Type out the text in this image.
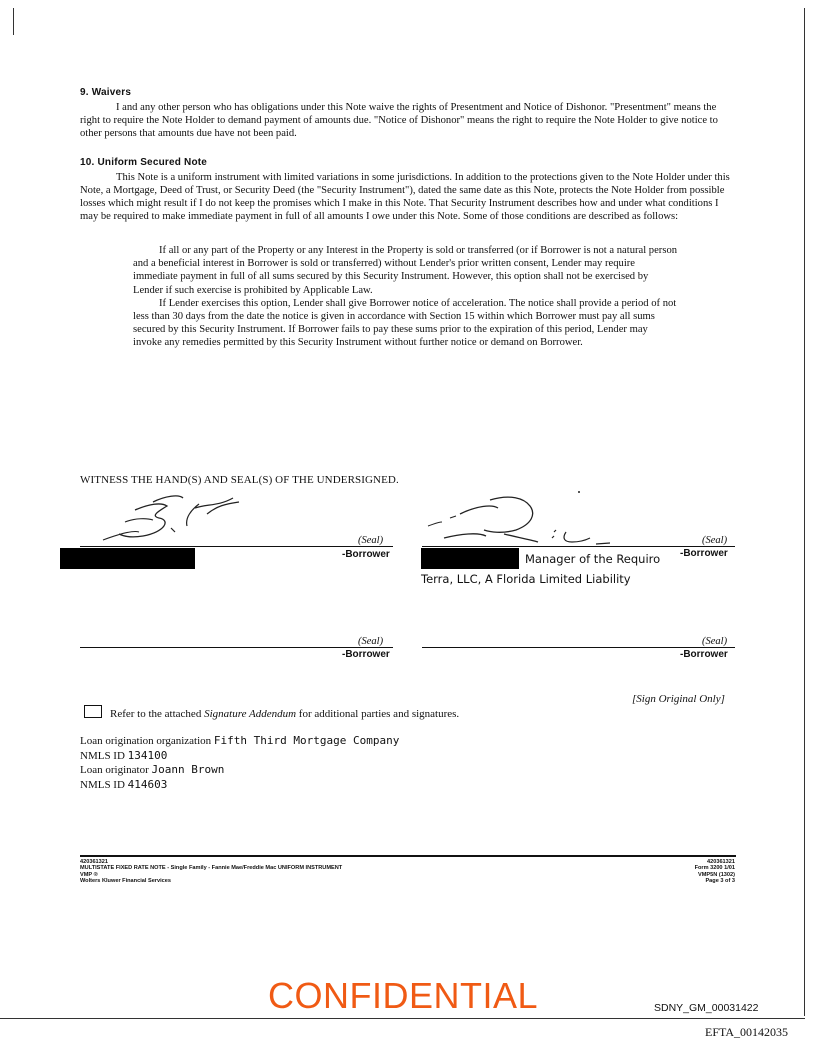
9. Waivers

I and any other person who has obligations under this Note waive the rights of Presentment and Notice of Dishonor. "Presentment" means the right to require the Note Holder to demand payment of amounts due. "Notice of Dishonor" means the right to require the Note Holder to give notice to other persons that amounts due have not been paid.

10. Uniform Secured Note

This Note is a uniform instrument with limited variations in some jurisdictions. In addition to the protections given to the Note Holder under this Note, a Mortgage, Deed of Trust, or Security Deed (the "Security Instrument"), dated the same date as this Note, protects the Note Holder from possible losses which might result if I do not keep the promises which I make in this Note. That Security Instrument describes how and under what conditions I may be required to make immediate payment in full of all amounts I owe under this Note. Some of those conditions are described as follows:

If all or any part of the Property or any Interest in the Property is sold or transferred (or if Borrower is not a natural person and a beneficial interest in Borrower is sold or transferred) without Lender's prior written consent, Lender may require immediate payment in full of all sums secured by this Security Instrument. However, this option shall not be exercised by Lender if such exercise is prohibited by Applicable Law.

If Lender exercises this option, Lender shall give Borrower notice of acceleration. The notice shall provide a period of not less than 30 days from the date the notice is given in accordance with Section 15 within which Borrower must pay all sums secured by this Security Instrument. If Borrower fails to pay these sums prior to the expiration of this period, Lender may invoke any remedies permitted by this Security Instrument without further notice or demand on Borrower.

WITNESS THE HAND(S) AND SEAL(S) OF THE UNDERSIGNED.
(Seal)
-Borrower
(Seal)
-Borrower
Manager of the Requiro
Terra, LLC, A Florida Limited Liability
(Seal)
-Borrower
(Seal)
-Borrower
[Sign Original Only]
Refer to the attached Signature Addendum for additional parties and signatures.
Loan origination organization Fifth Third Mortgage Company
NMLS ID 134100
Loan originator Joann Brown
NMLS ID 414603
420361321
MULTISTATE FIXED RATE NOTE - Single Family - Fannie Mae/Freddie Mac UNIFORM INSTRUMENT
VMP ®
Wolters Kluwer Financial Services
420361321
Form 3200 1/01
VMP5N (1302)
Page 3 of 3
CONFIDENTIAL	SDNY_GM_00031422
EFTA_00142035
